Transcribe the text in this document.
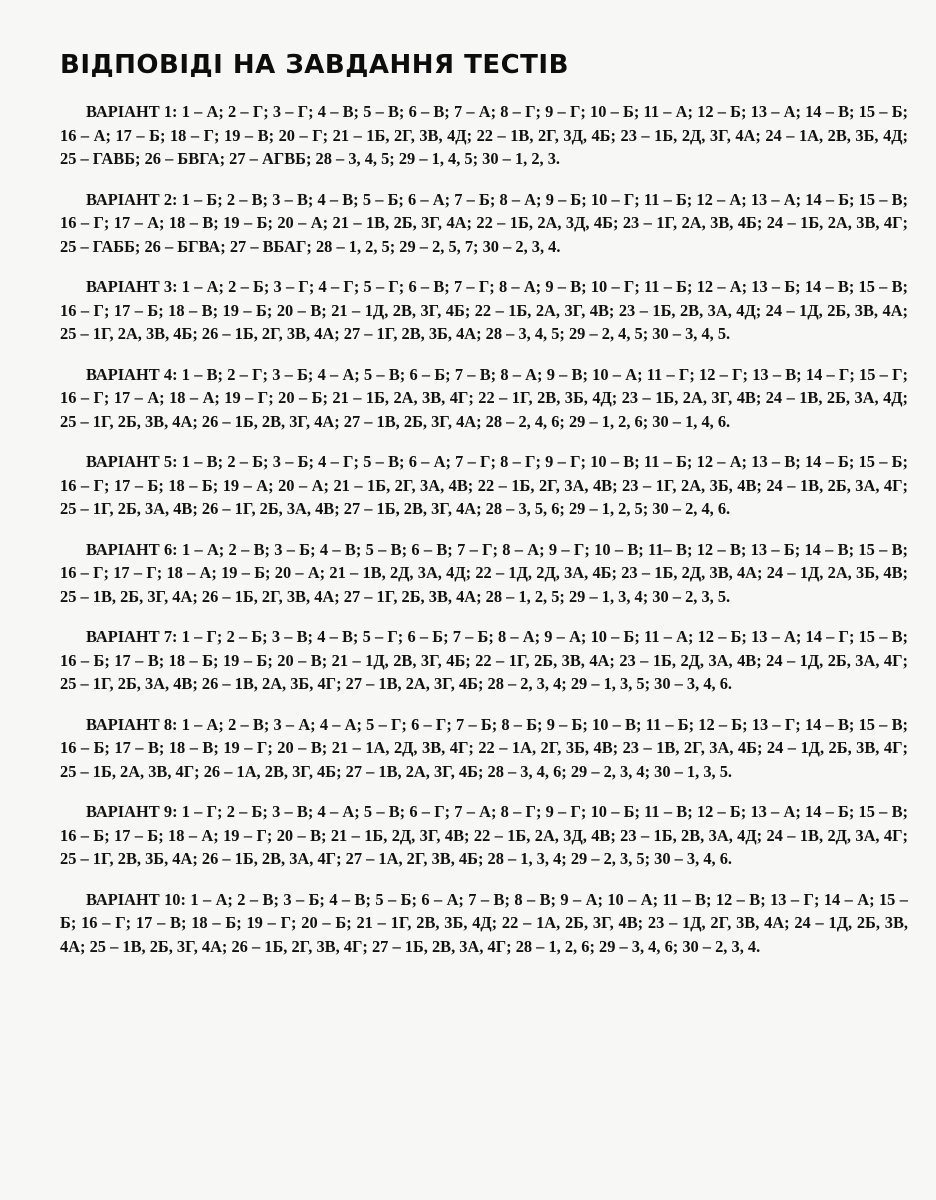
ВІДПОВІДІ НА ЗАВДАННЯ ТЕСТІВ

ВАРІАНТ 1: 1 – А; 2 – Г; 3 – Г; 4 – В; 5 – В; 6 – В; 7 – А; 8 – Г; 9 – Г; 10 – Б; 11 – А; 12 – Б; 13 – А; 14 – В; 15 – Б; 16 – А; 17 – Б; 18 – Г; 19 – В; 20 – Г; 21 – 1Б, 2Г, 3В, 4Д; 22 – 1В, 2Г, 3Д, 4Б; 23 – 1Б, 2Д, 3Г, 4А; 24 – 1А, 2В, 3Б, 4Д; 25 – ГАВБ; 26 – БВГА; 27 – АГВБ; 28 – 3, 4, 5; 29 – 1, 4, 5; 30 – 1, 2, 3.

ВАРІАНТ 2: 1 – Б; 2 – В; 3 – В; 4 – В; 5 – Б; 6 – А; 7 – Б; 8 – А; 9 – Б; 10 – Г; 11 – Б; 12 – А; 13 – А; 14 – Б; 15 – В; 16 – Г; 17 – А; 18 – В; 19 – Б; 20 – А; 21 – 1В, 2Б, 3Г, 4А; 22 – 1Б, 2А, 3Д, 4Б; 23 – 1Г, 2А, 3В, 4Б; 24 – 1Б, 2А, 3В, 4Г; 25 – ГАББ; 26 – БГВА; 27 – ВБАГ; 28 – 1, 2, 5; 29 – 2, 5, 7; 30 – 2, 3, 4.

ВАРІАНТ 3: 1 – А; 2 – Б; 3 – Г; 4 – Г; 5 – Г; 6 – В; 7 – Г; 8 – А; 9 – В; 10 – Г; 11 – Б; 12 – А; 13 – Б; 14 – В; 15 – В; 16 – Г; 17 – Б; 18 – В; 19 – Б; 20 – В; 21 – 1Д, 2В, 3Г, 4Б; 22 – 1Б, 2А, 3Г, 4В; 23 – 1Б, 2В, 3А, 4Д; 24 – 1Д, 2Б, 3В, 4А; 25 – 1Г, 2А, 3В, 4Б; 26 – 1Б, 2Г, 3В, 4А; 27 – 1Г, 2В, 3Б, 4А; 28 – 3, 4, 5; 29 – 2, 4, 5; 30 – 3, 4, 5.

ВАРІАНТ 4: 1 – В; 2 – Г; 3 – Б; 4 – А; 5 – В; 6 – Б; 7 – В; 8 – А; 9 – В; 10 – А; 11 – Г; 12 – Г; 13 – В; 14 – Г; 15 – Г; 16 – Г; 17 – А; 18 – А; 19 – Г; 20 – Б; 21 – 1Б, 2А, 3В, 4Г; 22 – 1Г, 2В, 3Б, 4Д; 23 – 1Б, 2А, 3Г, 4В; 24 – 1В, 2Б, 3А, 4Д; 25 – 1Г, 2Б, 3В, 4А; 26 – 1Б, 2В, 3Г, 4А; 27 – 1В, 2Б, 3Г, 4А; 28 – 2, 4, 6; 29 – 1, 2, 6; 30 – 1, 4, 6.

ВАРІАНТ 5: 1 – В; 2 – Б; 3 – Б; 4 – Г; 5 – В; 6 – А; 7 – Г; 8 – Г; 9 – Г; 10 – В; 11 – Б; 12 – А; 13 – В; 14 – Б; 15 – Б; 16 – Г; 17 – Б; 18 – Б; 19 – А; 20 – А; 21 – 1Б, 2Г, 3А, 4В; 22 – 1Б, 2Г, 3А, 4В; 23 – 1Г, 2А, 3Б, 4В; 24 – 1В, 2Б, 3А, 4Г; 25 – 1Г, 2Б, 3А, 4В; 26 – 1Г, 2Б, 3А, 4В; 27 – 1Б, 2В, 3Г, 4А; 28 – 3, 5, 6; 29 – 1, 2, 5; 30 – 2, 4, 6.

ВАРІАНТ 6: 1 – А; 2 – В; 3 – Б; 4 – В; 5 – В; 6 – В; 7 – Г; 8 – А; 9 – Г; 10 – В; 11– В; 12 – В; 13 – Б; 14 – В; 15 – В; 16 – Г; 17 – Г; 18 – А; 19 – Б; 20 – А; 21 – 1В, 2Д, 3А, 4Д; 22 – 1Д, 2Д, 3А, 4Б; 23 – 1Б, 2Д, 3В, 4А; 24 – 1Д, 2А, 3Б, 4В; 25 – 1В, 2Б, 3Г, 4А; 26 – 1Б, 2Г, 3В, 4А; 27 – 1Г, 2Б, 3В, 4А; 28 – 1, 2, 5; 29 – 1, 3, 4; 30 – 2, 3, 5.

ВАРІАНТ 7: 1 – Г; 2 – Б; 3 – В; 4 – В; 5 – Г; 6 – Б; 7 – Б; 8 – А; 9 – А; 10 – Б; 11 – А; 12 – Б; 13 – А; 14 – Г; 15 – В; 16 – Б; 17 – В; 18 – Б; 19 – Б; 20 – В; 21 – 1Д, 2В, 3Г, 4Б; 22 – 1Г, 2Б, 3В, 4А; 23 – 1Б, 2Д, 3А, 4В; 24 – 1Д, 2Б, 3А, 4Г; 25 – 1Г, 2Б, 3А, 4В; 26 – 1В, 2А, 3Б, 4Г; 27 – 1В, 2А, 3Г, 4Б; 28 – 2, 3, 4; 29 – 1, 3, 5; 30 – 3, 4, 6.

ВАРІАНТ 8: 1 – А; 2 – В; 3 – А; 4 – А; 5 – Г; 6 – Г; 7 – Б; 8 – Б; 9 – Б; 10 – В; 11 – Б; 12 – Б; 13 – Г; 14 – В; 15 – В; 16 – Б; 17 – В; 18 – В; 19 – Г; 20 – В; 21 – 1А, 2Д, 3В, 4Г; 22 – 1А, 2Г, 3Б, 4В; 23 – 1В, 2Г, 3А, 4Б; 24 – 1Д, 2Б, 3В, 4Г; 25 – 1Б, 2А, 3В, 4Г; 26 – 1А, 2В, 3Г, 4Б; 27 – 1В, 2А, 3Г, 4Б; 28 – 3, 4, 6; 29 – 2, 3, 4; 30 – 1, 3, 5.

ВАРІАНТ 9: 1 – Г; 2 – Б; 3 – В; 4 – А; 5 – В; 6 – Г; 7 – А; 8 – Г; 9 – Г; 10 – Б; 11 – В; 12 – Б; 13 – А; 14 – Б; 15 – В; 16 – Б; 17 – Б; 18 – А; 19 – Г; 20 – В; 21 – 1Б, 2Д, 3Г, 4В; 22 – 1Б, 2А, 3Д, 4В; 23 – 1Б, 2В, 3А, 4Д; 24 – 1В, 2Д, 3А, 4Г; 25 – 1Г, 2В, 3Б, 4А; 26 – 1Б, 2В, 3А, 4Г; 27 – 1А, 2Г, 3В, 4Б; 28 – 1, 3, 4; 29 – 2, 3, 5; 30 – 3, 4, 6.

ВАРІАНТ 10: 1 – А; 2 – В; 3 – Б; 4 – В; 5 – Б; 6 – А; 7 – В; 8 – В; 9 – А; 10 – А; 11 – В; 12 – В; 13 – Г; 14 – А; 15 – Б; 16 – Г; 17 – В; 18 – Б; 19 – Г; 20 – Б; 21 – 1Г, 2В, 3Б, 4Д; 22 – 1А, 2Б, 3Г, 4В; 23 – 1Д, 2Г, 3В, 4А; 24 – 1Д, 2Б, 3В, 4А; 25 – 1В, 2Б, 3Г, 4А; 26 – 1Б, 2Г, 3В, 4Г; 27 – 1Б, 2В, 3А, 4Г; 28 – 1, 2, 6; 29 – 3, 4, 6; 30 – 2, 3, 4.
